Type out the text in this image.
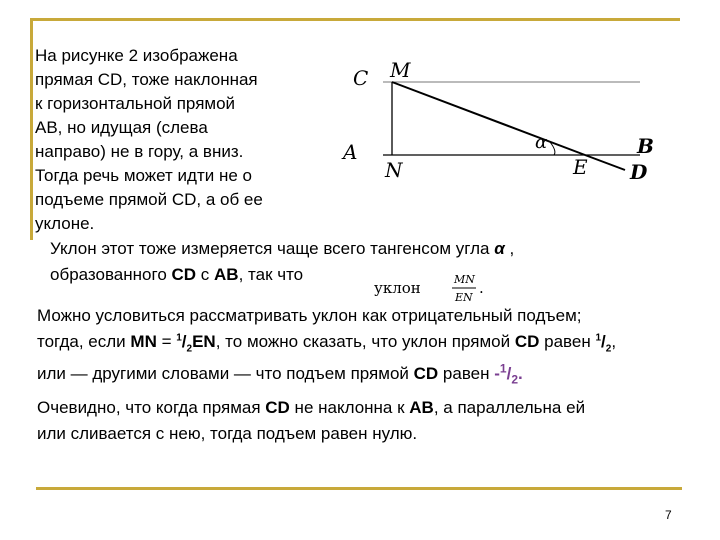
На рисунке 2 изображена
прямая CD, тоже наклонная
к горизонтальной прямой
AB, но идущая (слева
направо) не в гору, а вниз.
Тогда речь может идти не о
подъеме прямой CD, а об ее
уклоне.
C M
A
N
α
E
B
D
Уклон этот тоже измеряется чаще всего тангенсом угла α ,
образованного CD с AB, так что
уклон	MN
EN
.
Можно условиться рассматривать уклон как отрицательный подъем;
тогда, если MN = $^1/_2EN$, то можно сказать, что уклон прямой CD равен $^1/_2$,
или — другими словами — что подъем прямой CD равен $-^1/_2$.
Очевидно, что когда прямая CD не наклонна к AB, а параллельна ей
или сливается с нею, тогда подъем равен нулю.
7
